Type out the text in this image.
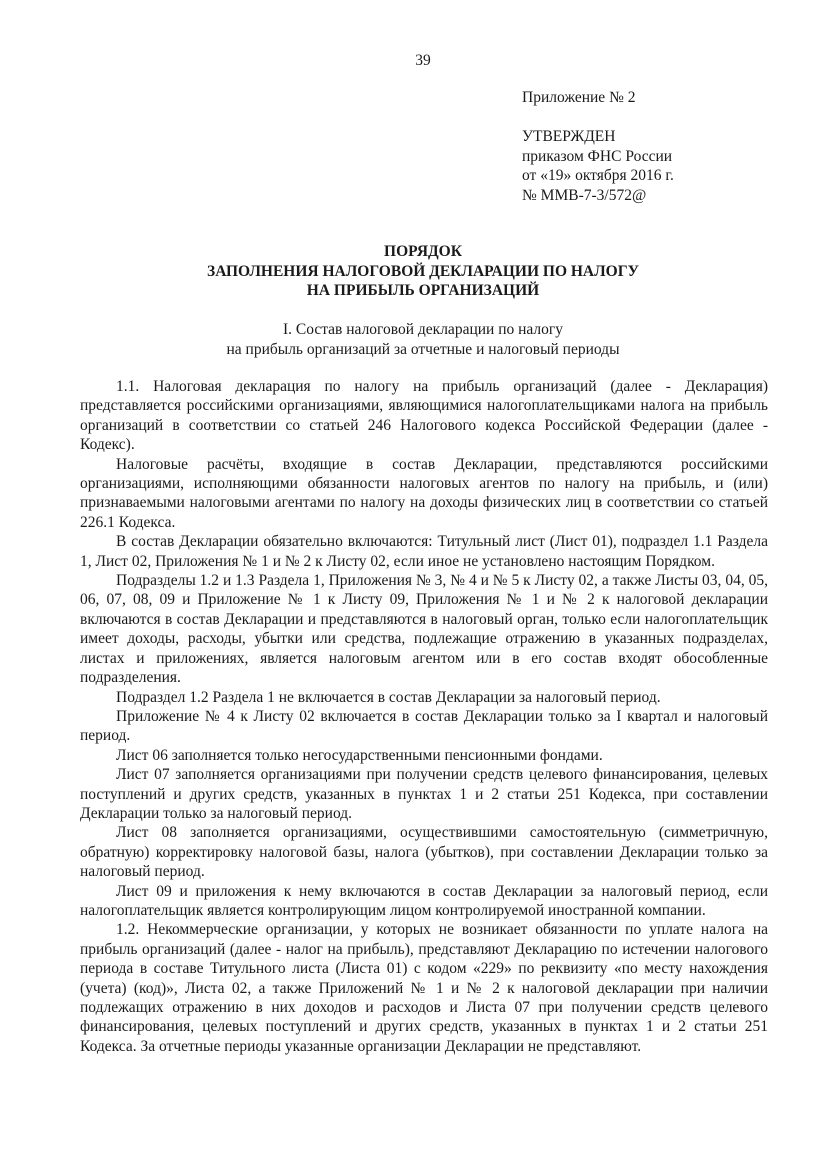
39
Приложение № 2
УТВЕРЖДЕН
приказом ФНС России
от «19» октября 2016 г.
№ ММВ-7-3/572@
ПОРЯДОК
ЗАПОЛНЕНИЯ НАЛОГОВОЙ ДЕКЛАРАЦИИ ПО НАЛОГУ
НА ПРИБЫЛЬ ОРГАНИЗАЦИЙ
I. Состав налоговой декларации по налогу
на прибыль организаций за отчетные и налоговый периоды

1.1. Налоговая декларация по налогу на прибыль организаций (далее - Декларация) представляется российскими организациями, являющимися налогоплательщиками налога на прибыль организаций в соответствии со статьей 246 Налогового кодекса Российской Федерации (далее - Кодекс).

Налоговые расчёты, входящие в состав Декларации, представляются российскими организациями, исполняющими обязанности налоговых агентов по налогу на прибыль, и (или) признаваемыми налоговыми агентами по налогу на доходы физических лиц в соответствии со статьей 226.1 Кодекса.

В состав Декларации обязательно включаются: Титульный лист (Лист 01), подраздел 1.1 Раздела 1, Лист 02, Приложения № 1 и № 2 к Листу 02, если иное не установлено настоящим Порядком.

Подразделы 1.2 и 1.3 Раздела 1, Приложения № 3, № 4 и № 5 к Листу 02, а также Листы 03, 04, 05, 06, 07, 08, 09 и Приложение № 1 к Листу 09, Приложения № 1 и № 2 к налоговой декларации включаются в состав Декларации и представляются в налоговый орган, только если налогоплательщик имеет доходы, расходы, убытки или средства, подлежащие отражению в указанных подразделах, листах и приложениях, является налоговым агентом или в его состав входят обособленные подразделения.

Подраздел 1.2 Раздела 1 не включается в состав Декларации за налоговый период.

Приложение № 4 к Листу 02 включается в состав Декларации только за I квартал и налоговый период.

Лист 06 заполняется только негосударственными пенсионными фондами.

Лист 07 заполняется организациями при получении средств целевого финансирования, целевых поступлений и других средств, указанных в пунктах 1 и 2 статьи 251 Кодекса, при составлении Декларации только за налоговый период.

Лист 08 заполняется организациями, осуществившими самостоятельную (симметричную, обратную) корректировку налоговой базы, налога (убытков), при составлении Декларации только за налоговый период.

Лист 09 и приложения к нему включаются в состав Декларации за налоговый период, если налогоплательщик является контролирующим лицом контролируемой иностранной компании.

1.2. Некоммерческие организации, у которых не возникает обязанности по уплате налога на прибыль организаций (далее - налог на прибыль), представляют Декларацию по истечении налогового периода в составе Титульного листа (Листа 01) с кодом «229» по реквизиту «по месту нахождения (учета) (код)», Листа 02, а также Приложений № 1 и № 2 к налоговой декларации при наличии подлежащих отражению в них доходов и расходов и Листа 07 при получении средств целевого финансирования, целевых поступлений и других средств, указанных в пунктах 1 и 2 статьи 251 Кодекса. За отчетные периоды указанные организации Декларации не представляют.
